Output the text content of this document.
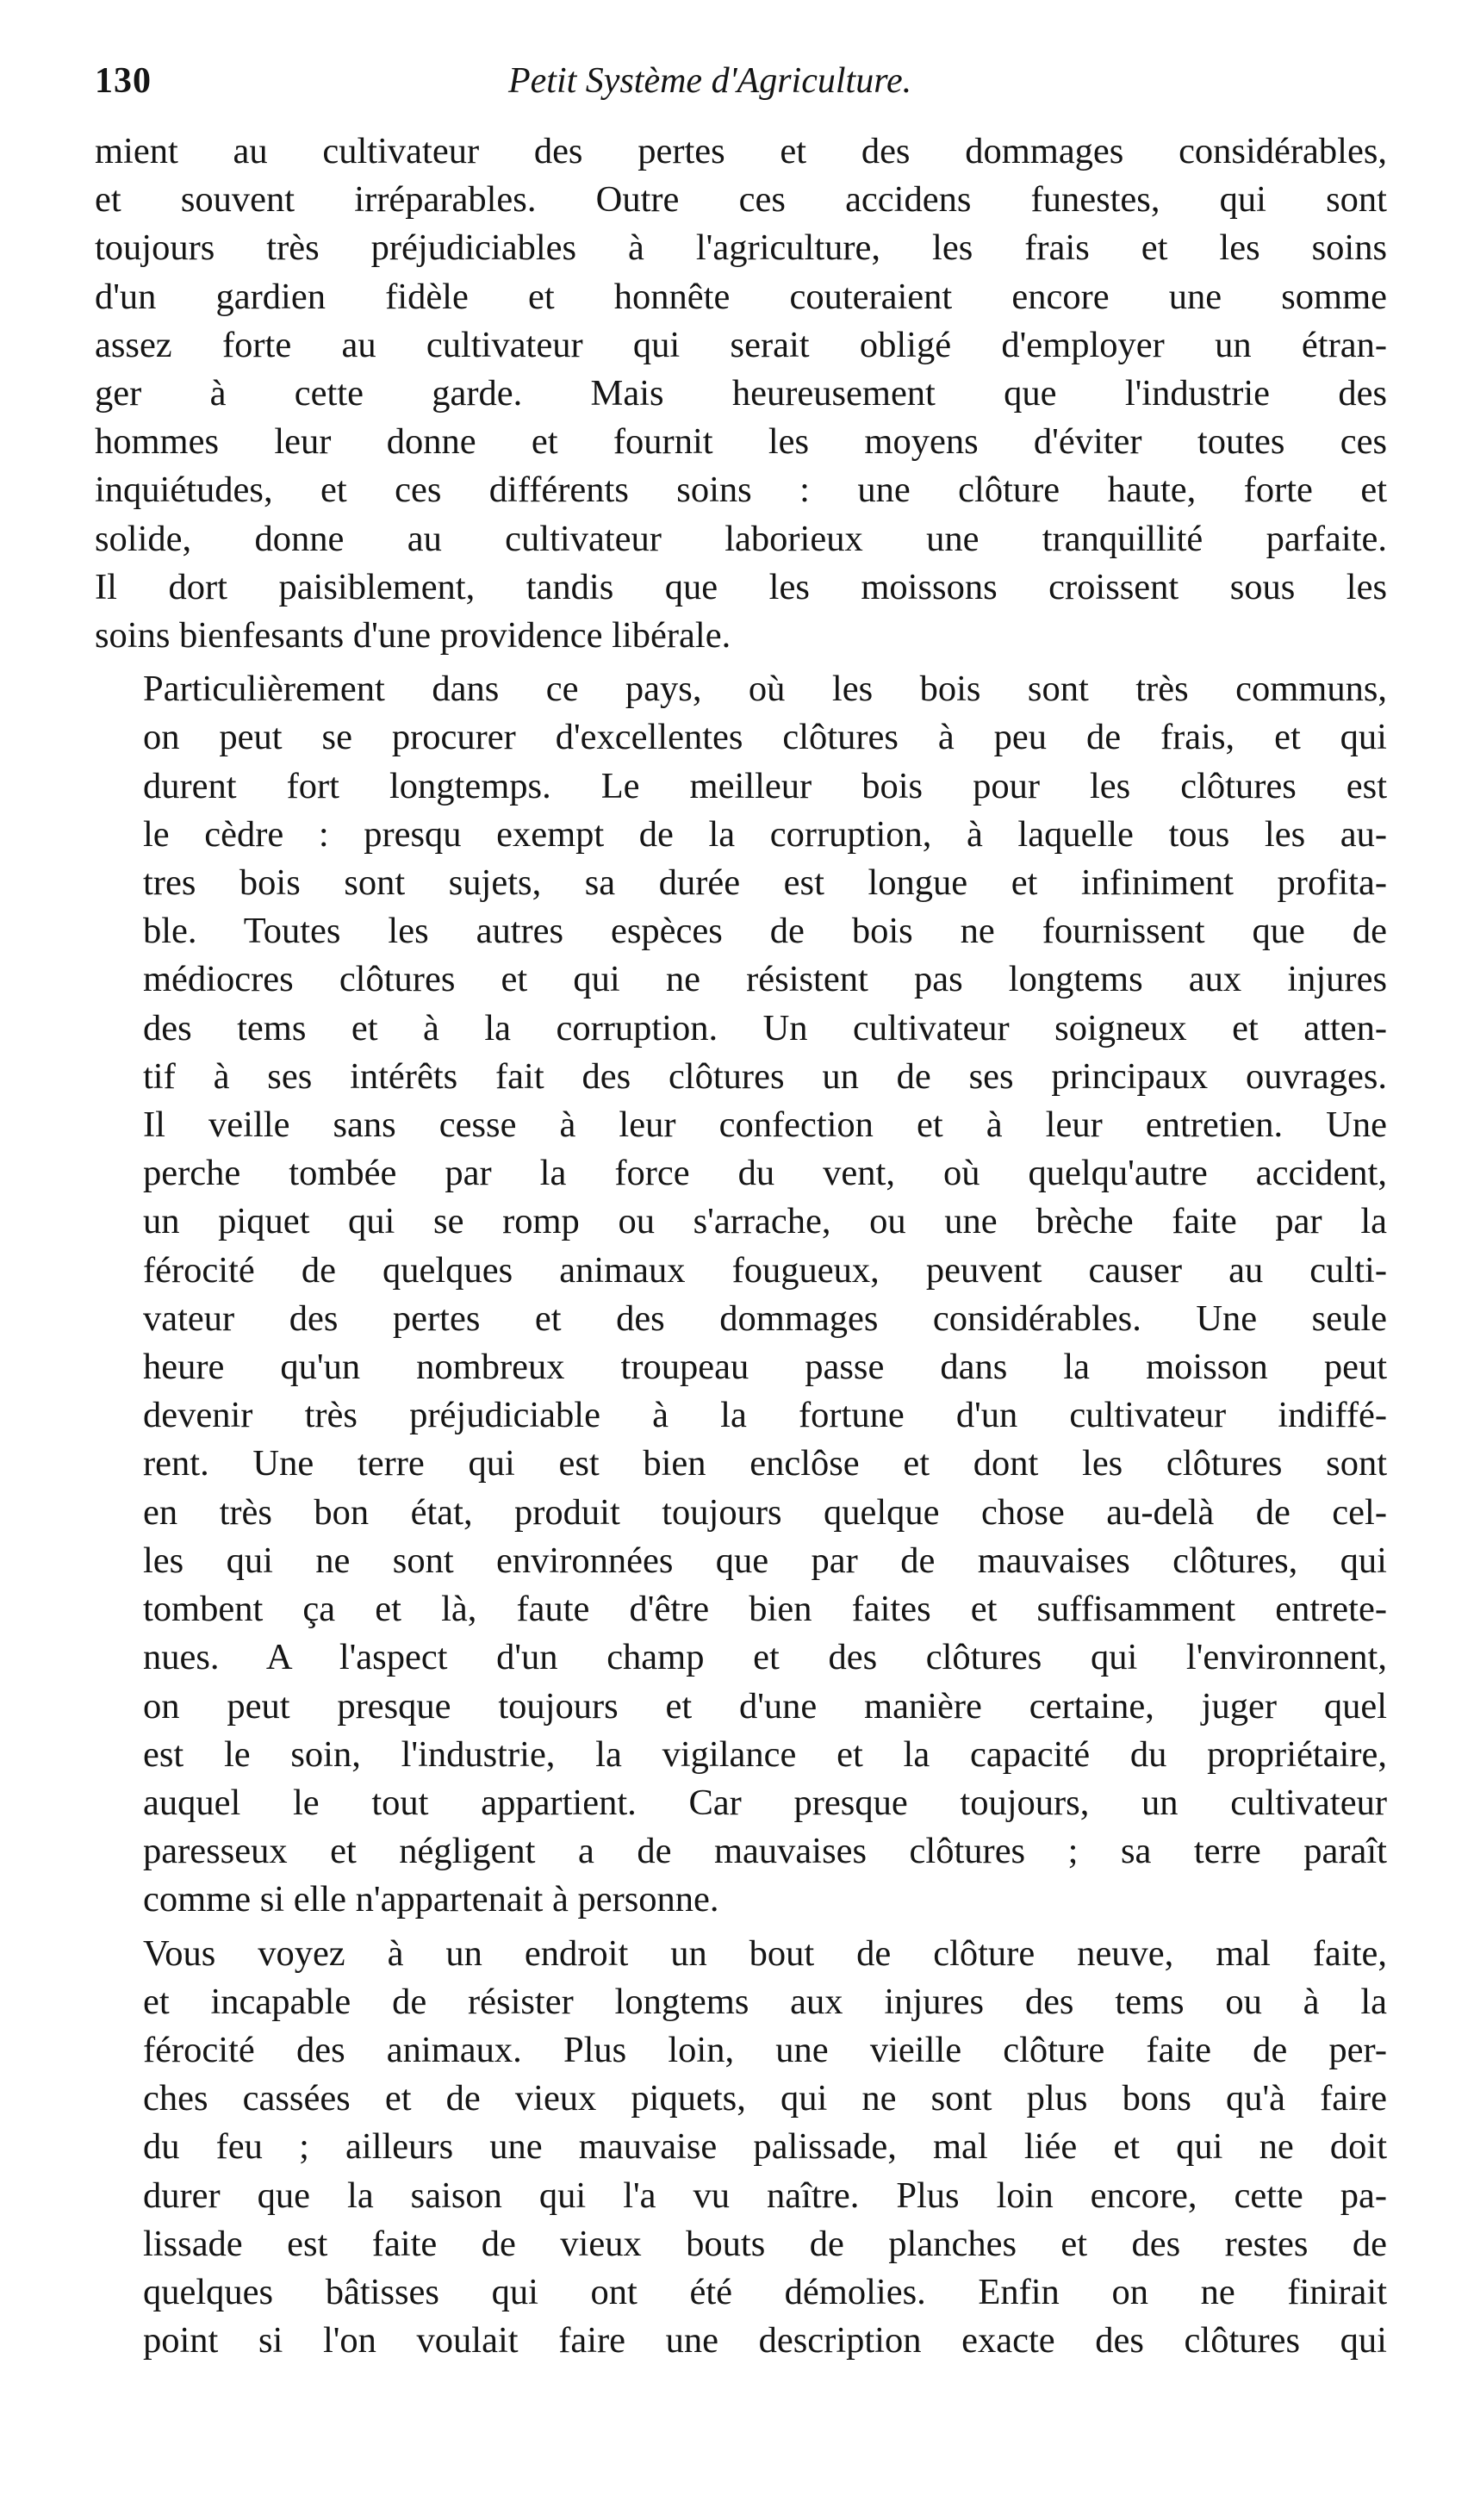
130	Petit Système d'Agriculture.
mient au cultivateur des pertes et des dommages considérables,
et souvent irréparables. Outre ces accidens funestes, qui sont
toujours très préjudiciables à l'agriculture, les frais et les soins
d'un gardien fidèle et honnête couteraient encore une somme
assez forte au cultivateur qui serait obligé d'employer un étran-
ger à cette garde. Mais heureusement que l'industrie des
hommes leur donne et fournit les moyens d'éviter toutes ces
inquiétudes, et ces différents soins : une clôture haute, forte et
solide, donne au cultivateur laborieux une tranquillité parfaite.
Il dort paisiblement, tandis que les moissons croissent sous les
soins bienfesants d'une providence libérale.
Particulièrement dans ce pays, où les bois sont très communs,
on peut se procurer d'excellentes clôtures à peu de frais, et qui
durent fort longtemps. Le meilleur bois pour les clôtures est
le cèdre : presqu exempt de la corruption, à laquelle tous les au-
tres bois sont sujets, sa durée est longue et infiniment profita-
ble. Toutes les autres espèces de bois ne fournissent que de
médiocres clôtures et qui ne résistent pas longtems aux injures
des tems et à la corruption. Un cultivateur soigneux et atten-
tif à ses intérêts fait des clôtures un de ses principaux ouvrages.
Il veille sans cesse à leur confection et à leur entretien. Une
perche tombée par la force du vent, où quelqu'autre accident,
un piquet qui se romp ou s'arrache, ou une brèche faite par la
férocité de quelques animaux fougueux, peuvent causer au culti-
vateur des pertes et des dommages considérables. Une seule
heure qu'un nombreux troupeau passe dans la moisson peut
devenir très préjudiciable à la fortune d'un cultivateur indiffé-
rent. Une terre qui est bien enclôse et dont les clôtures sont
en très bon état, produit toujours quelque chose au-delà de cel-
les qui ne sont environnées que par de mauvaises clôtures, qui
tombent ça et là, faute d'être bien faites et suffisamment entrete-
nues. A l'aspect d'un champ et des clôtures qui l'environnent,
on peut presque toujours et d'une manière certaine, juger quel
est le soin, l'industrie, la vigilance et la capacité du propriétaire,
auquel le tout appartient. Car presque toujours, un cultivateur
paresseux et négligent a de mauvaises clôtures ; sa terre paraît
comme si elle n'appartenait à personne.
Vous voyez à un endroit un bout de clôture neuve, mal faite,
et incapable de résister longtems aux injures des tems ou à la
férocité des animaux. Plus loin, une vieille clôture faite de per-
ches cassées et de vieux piquets, qui ne sont plus bons qu'à faire
du feu ; ailleurs une mauvaise palissade, mal liée et qui ne doit
durer que la saison qui l'a vu naître. Plus loin encore, cette pa-
lissade est faite de vieux bouts de planches et des restes de
quelques bâtisses qui ont été démolies. Enfin on ne finirait
point si l'on voulait faire une description exacte des clôtures qui
